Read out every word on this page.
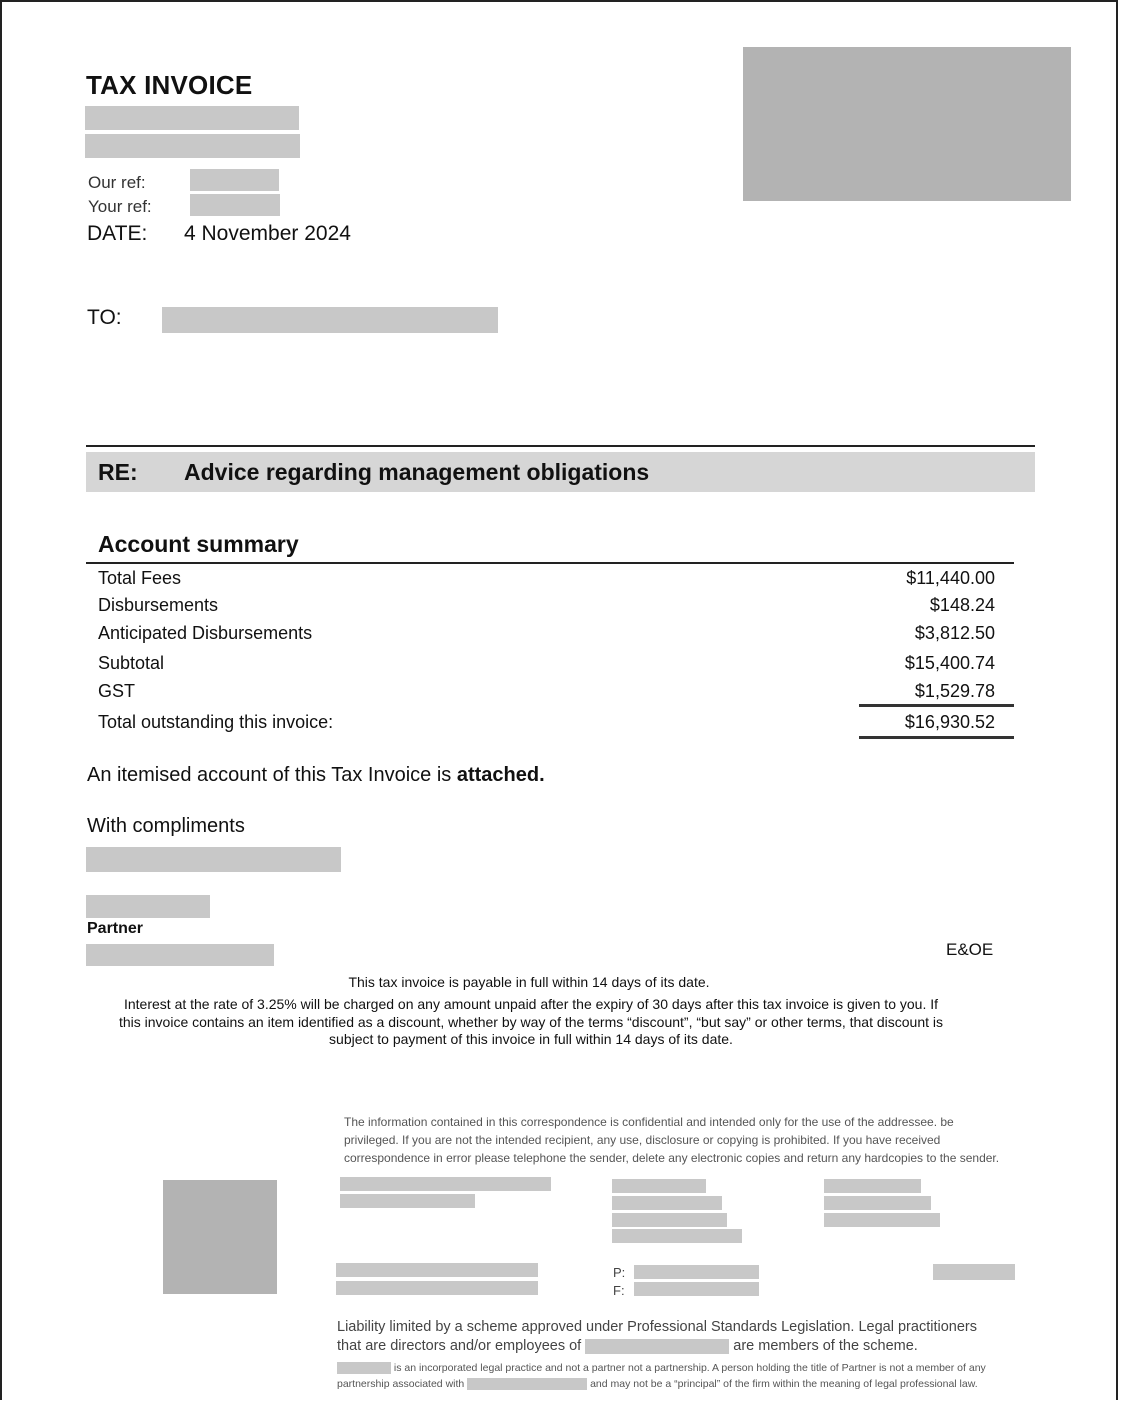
TAX INVOICE
Our ref:
Your ref:
DATE: 4 November 2024
TO:
RE: Advice regarding management obligations
Account summary
Total Fees	$11,440.00
Disbursements	$148.24
Anticipated Disbursements	$3,812.50
Subtotal	$15,400.74
GST	$1,529.78
Total outstanding this invoice:	$16,930.52
An itemised account of this Tax Invoice is attached.
With compliments
Partner
E&OE
This tax invoice is payable in full within 14 days of its date.
Interest at the rate of 3.25% will be charged on any amount unpaid after the expiry of 30 days after this tax invoice is given to you. If this invoice contains an item identified as a discount, whether by way of the terms “discount”, “but say” or other terms, that discount is subject to payment of this invoice in full within 14 days of its date.
The information contained in this correspondence is confidential and intended only for the use of the addressee. be privileged. If you are not the intended recipient, any use, disclosure or copying is prohibited. If you have received correspondence in error please telephone the sender, delete any electronic copies and return any hardcopies to the sender.
P:
F:
Liability limited by a scheme approved under Professional Standards Legislation. Legal practitioners
that are directors and/or employees of	are members of the scheme.
is an incorporated legal practice and not a partner not a partnership. A person holding the title of Partner is not a member of any
partnership associated with	and may not be a “principal” of the firm within the meaning of legal professional law.
